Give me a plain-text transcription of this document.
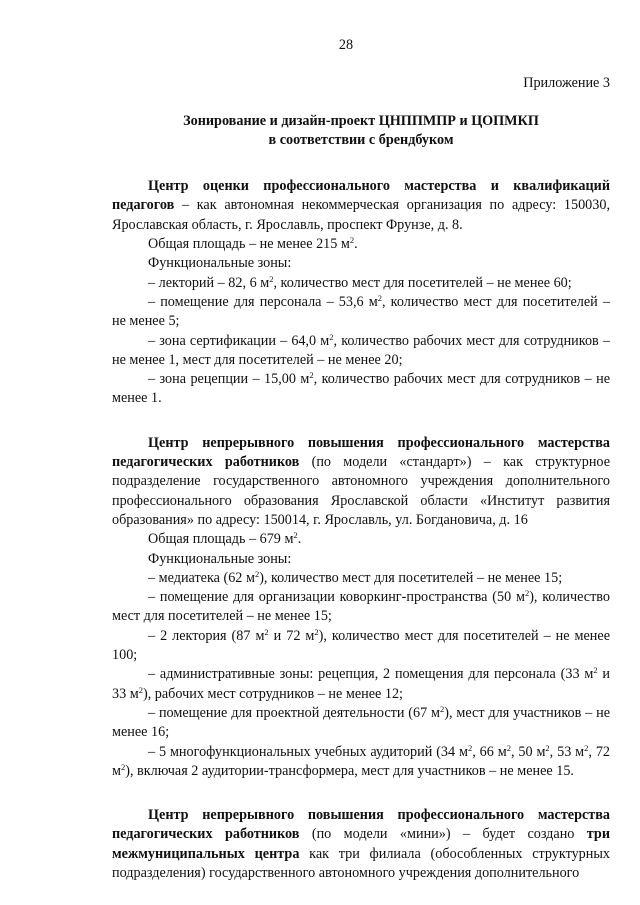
28
Приложение 3
Зонирование и дизайн-проект ЦНППМПР и ЦОПМКП
в соответствии с брендбуком

Центр оценки профессионального мастерства и квалификаций педагогов – как автономная некоммерческая организация по адресу: 150030, Ярославская область, г. Ярославль, проспект Фрунзе, д. 8.

Общая площадь – не менее 215 $м^2$.

Функциональные зоны:

– лекторий – 82, 6 $м^2$, количество мест для посетителей – не менее 60;

– помещение для персонала – 53,6 $м^2$, количество мест для посетителей – не менее 5;

– зона сертификации – 64,0 $м^2$, количество рабочих мест для сотрудников – не менее 1, мест для посетителей – не менее 20;

– зона рецепции – 15,00 $м^2$, количество рабочих мест для сотрудников – не менее 1.

Центр непрерывного повышения профессионального мастерства педагогических работников (по модели «стандарт») – как структурное подразделение государственного автономного учреждения дополнительного профессионального образования Ярославской области «Институт развития образования» по адресу: 150014, г. Ярославль, ул. Богдановича, д. 16

Общая площадь – 679 $м^2$.

Функциональные зоны:

– медиатека (62 $м^2$), количество мест для посетителей – не менее 15;

– помещение для организации коворкинг-пространства (50 $м^2$), количество мест для посетителей – не менее 15;

– 2 лектория (87 $м^2$ и 72 $м^2$), количество мест для посетителей – не менее 100;

– административные зоны: рецепция, 2 помещения для персонала (33 $м^2$ и 33 $м^2$), рабочих мест сотрудников – не менее 12;

– помещение для проектной деятельности (67 $м^2$), мест для участников – не менее 16;

– 5 многофункциональных учебных аудиторий (34 $м^2$, 66 $м^2$, 50 $м^2$, 53 $м^2$, 72 $м^2$), включая 2 аудитории-трансформера, мест для участников – не менее 15.

Центр непрерывного повышения профессионального мастерства педагогических работников (по модели «мини») – будет создано три межмуниципальных центра как три филиала (обособленных структурных подразделения) государственного автономного учреждения дополнительного
